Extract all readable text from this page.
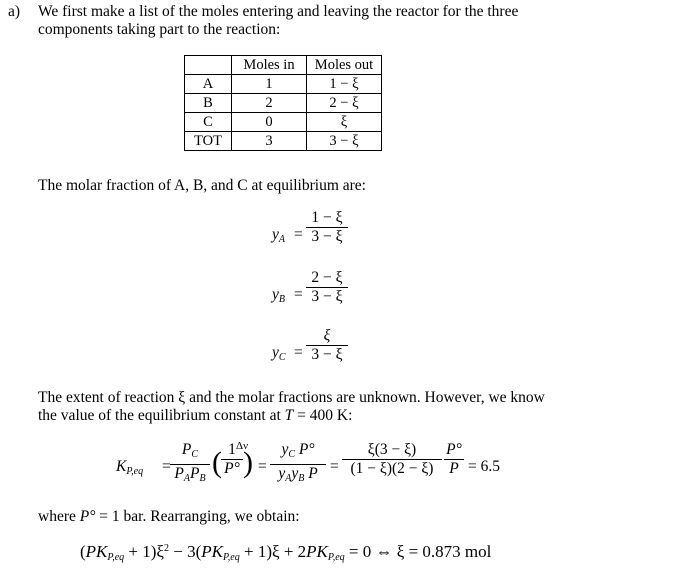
a) We first make a list of the moles entering and leaving the reactor for the three
components taking part to the reaction:
	Moles in	Moles out
A	1	1 − ξ
B	2	2 − ξ
C	0	ξ
TOT	3	3 − ξ
The molar fraction of A, B, and C at equilibrium are:
$y_A$ =
1 − ξ
3 − ξ
$y_B$ =
2 − ξ
3 − ξ
$y_C$ =
ξ
3 − ξ
The extent of reaction ξ and the molar fractions are unknown. However, we know
the value of the equilibrium constant at T = 400 K:
$K_{P,eq}$ =
$P_C$
$P_AP_B$ ( 1
P° )
Δν
=
$y_C$ P°
$y_Ay_B$ P =
ξ(3 − ξ)
(1 − ξ)(2 − ξ)
P°
P = 6.5
where P° = 1 bar. Rearranging, we obtain:
$(PK_{P,eq} + 1)\xi^2 - 3(PK_{P,eq} + 1)\xi + 2PK_{P,eq} = 0$ ⇔ ξ = 0.873 mol
